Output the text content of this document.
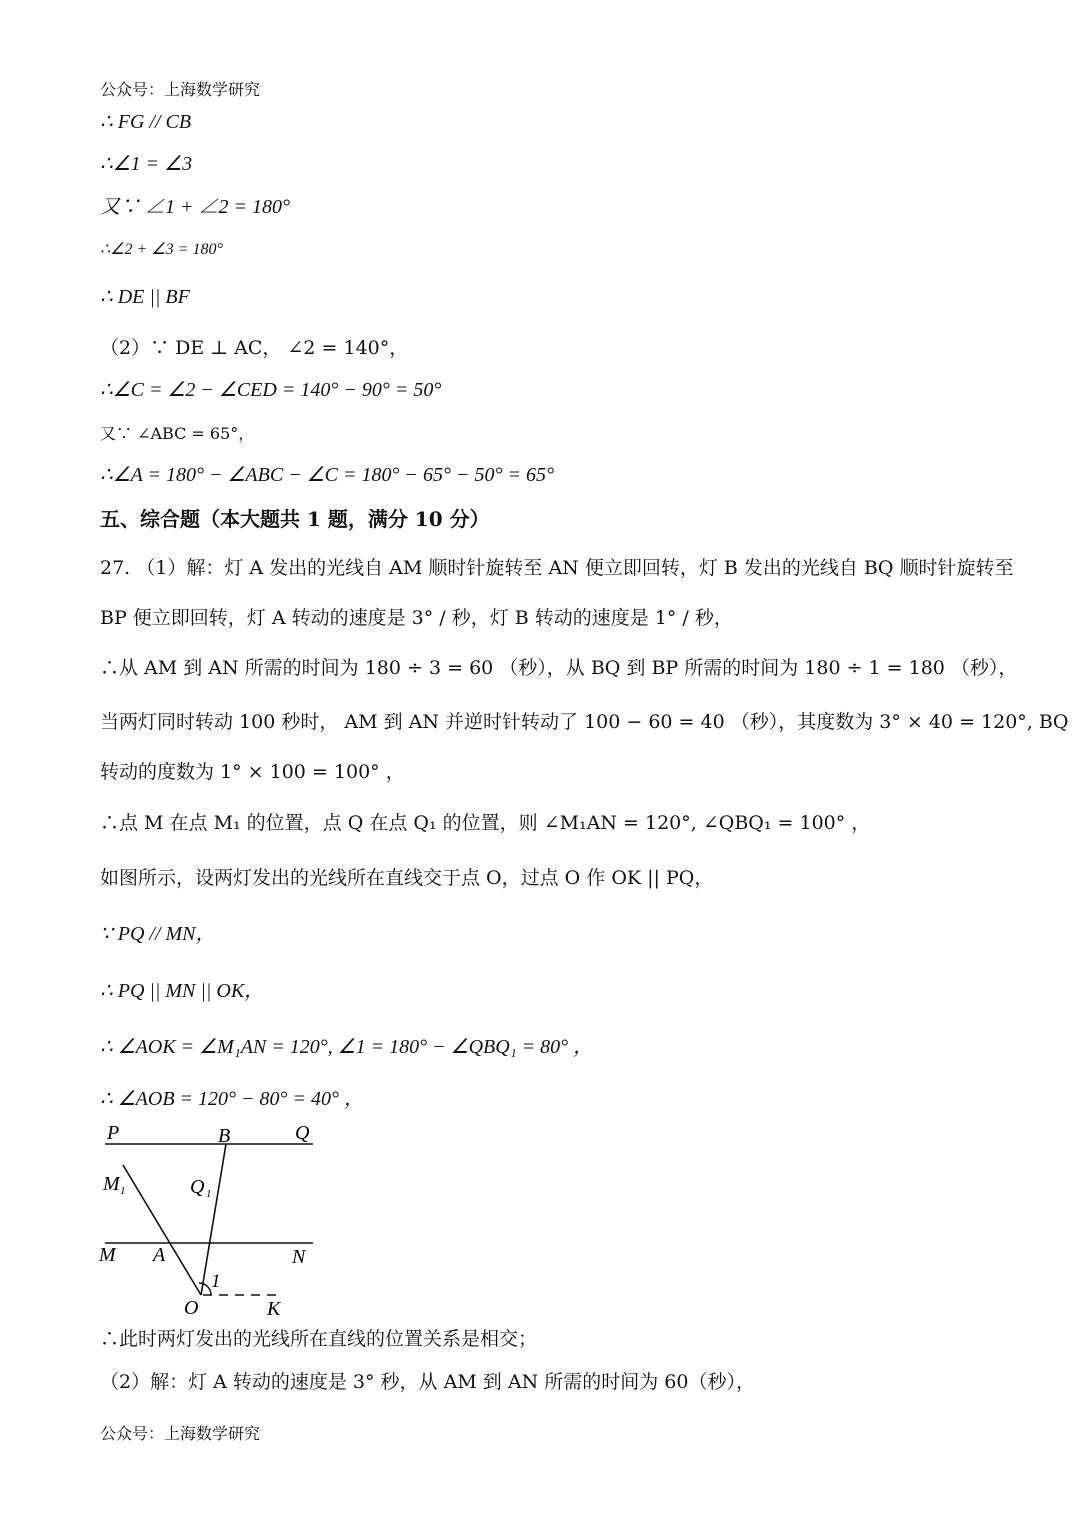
公众号：上海数学研究
∴ FG // CB
∴∠1 = ∠3
又∵ ∠1 + ∠2 = 180°
∴∠2 + ∠3 = 180°
∴ DE || BF
（2）∵ DE ⊥ AC， ∠2 = 140°，
∴∠C = ∠2 − ∠CED = 140° − 90° = 50°
又∵ ∠ABC = 65°，
∴∠A = 180° − ∠ABC − ∠C = 180° − 65° − 50° = 65°
五、综合题（本大题共 1 题，满分 10 分）
27. （1）解：灯 A 发出的光线自 AM 顺时针旋转至 AN 便立即回转，灯 B 发出的光线自 BQ 顺时针旋转至
BP 便立即回转，灯 A 转动的速度是 3° / 秒，灯 B 转动的速度是 1° / 秒，
∴从 AM 到 AN 所需的时间为 180 ÷ 3 = 60 （秒），从 BQ 到 BP 所需的时间为 180 ÷ 1 = 180 （秒），
当两灯同时转动 100 秒时， AM 到 AN 并逆时针转动了 100 − 60 = 40 （秒），其度数为 3° × 40 = 120°, BQ
转动的度数为 1° × 100 = 100° ，
∴点 M 在点 M₁ 的位置，点 Q 在点 Q₁ 的位置，则 ∠M₁AN = 120°, ∠QBQ₁ = 100° ，
如图所示，设两灯发出的光线所在直线交于点 O，过点 O 作 OK || PQ，
∵ PQ // MN，
∴ PQ || MN || OK，
∴ ∠AOK = ∠M₁AN = 120°, ∠1 = 180° − ∠QBQ₁ = 80° ，
∴ ∠AOB = 120° − 80° = 40° ，
P	B	Q
M 1	Q 1
M A	N
1
O	K
∴此时两灯发出的光线所在直线的位置关系是相交；
（2）解：灯 A 转动的速度是 3° 秒，从 AM 到 AN 所需的时间为 60（秒），
公众号：上海数学研究
